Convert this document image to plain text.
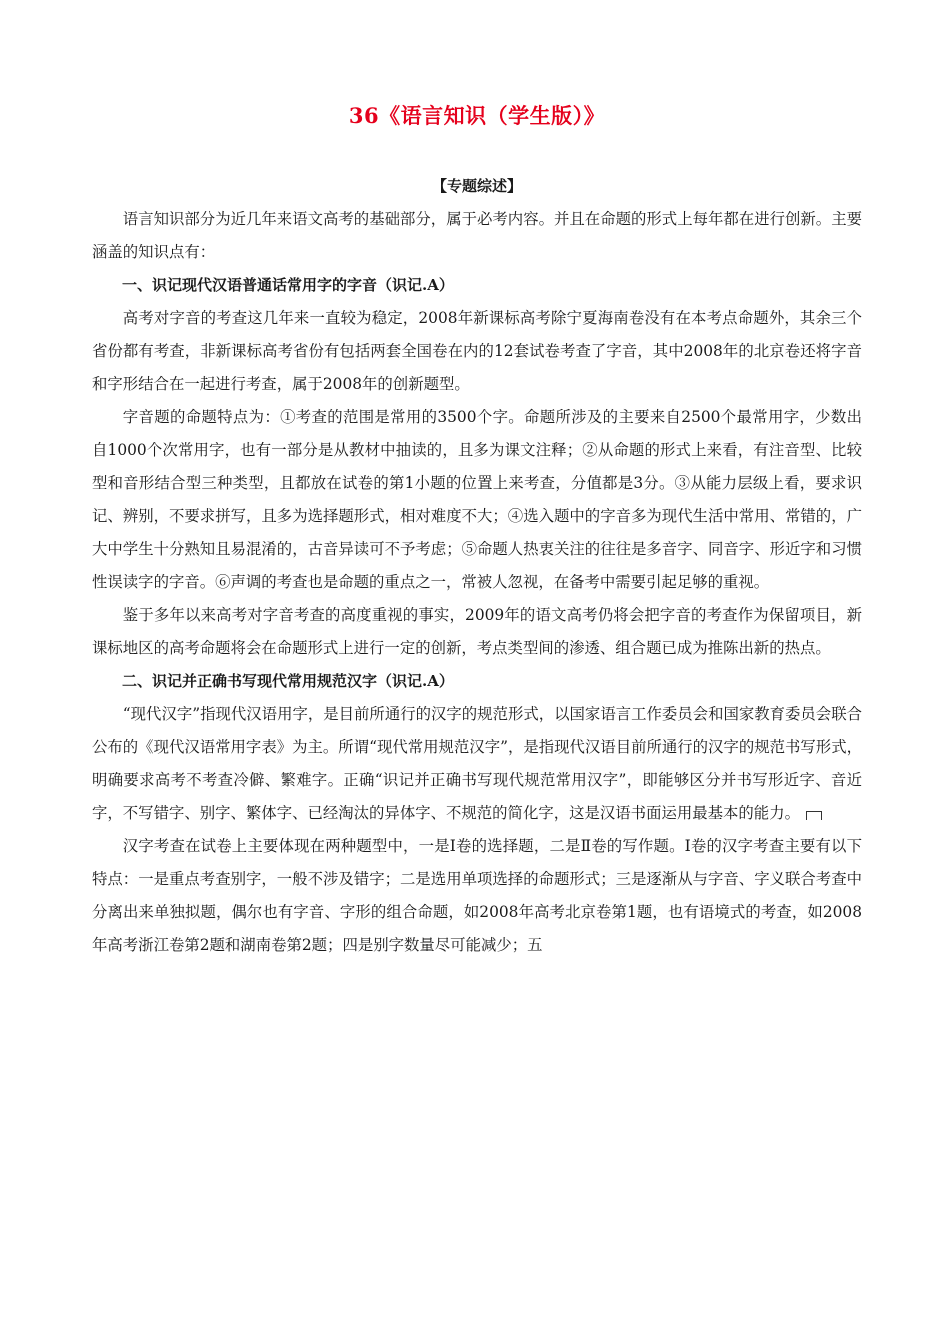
36《语言知识（学生版）》
【专题综述】

语言知识部分为近几年来语文高考的基础部分，属于必考内容。并且在命题的形式上每年都在进行创新。主要涵盖的知识点有：

一、识记现代汉语普通话常用字的字音（识记.A）

高考对字音的考查这几年来一直较为稳定，2008年新课标高考除宁夏海南卷没有在本考点命题外，其余三个省份都有考查，非新课标高考省份有包括两套全国卷在内的12套试卷考查了字音，其中2008年的北京卷还将字音和字形结合在一起进行考查，属于2008年的创新题型。

字音题的命题特点为：①考查的范围是常用的3500个字。命题所涉及的主要来自2500个最常用字，少数出自1000个次常用字，也有一部分是从教材中抽读的，且多为课文注释；②从命题的形式上来看，有注音型、比较型和音形结合型三种类型，且都放在试卷的第1小题的位置上来考查，分值都是3分。③从能力层级上看，要求识记、辨别，不要求拼写，且多为选择题形式，相对难度不大；④选入题中的字音多为现代生活中常用、常错的，广大中学生十分熟知且易混淆的，古音异读可不予考虑；⑤命题人热衷关注的往往是多音字、同音字、形近字和习惯性误读字的字音。⑥声调的考查也是命题的重点之一，常被人忽视，在备考中需要引起足够的重视。

鉴于多年以来高考对字音考查的高度重视的事实，2009年的语文高考仍将会把字音的考查作为保留项目，新课标地区的高考命题将会在命题形式上进行一定的创新，考点类型间的渗透、组合题已成为推陈出新的热点。

二、识记并正确书写现代常用规范汉字（识记.A）

“现代汉字”指现代汉语用字，是目前所通行的汉字的规范形式，以国家语言工作委员会和国家教育委员会联合公布的《现代汉语常用字表》为主。所谓“现代常用规范汉字”，是指现代汉语目前所通行的汉字的规范书写形式，明确要求高考不考查冷僻、繁难字。正确“识记并正确书写现代规范常用汉字”，即能够区分并书写形近字、音近字，不写错字、别字、繁体字、已经淘汰的异体字、不规范的简化字，这是汉语书面运用最基本的能力。

汉字考查在试卷上主要体现在两种题型中，一是Ⅰ卷的选择题，二是Ⅱ卷的写作题。Ⅰ卷的汉字考查主要有以下特点：一是重点考查别字，一般不涉及错字；二是选用单项选择的命题形式；三是逐渐从与字音、字义联合考查中分离出来单独拟题，偶尔也有字音、字形的组合命题，如2008年高考北京卷第1题，也有语境式的考查，如2008年高考浙江卷第2题和湖南卷第2题；四是别字数量尽可能减少；五
